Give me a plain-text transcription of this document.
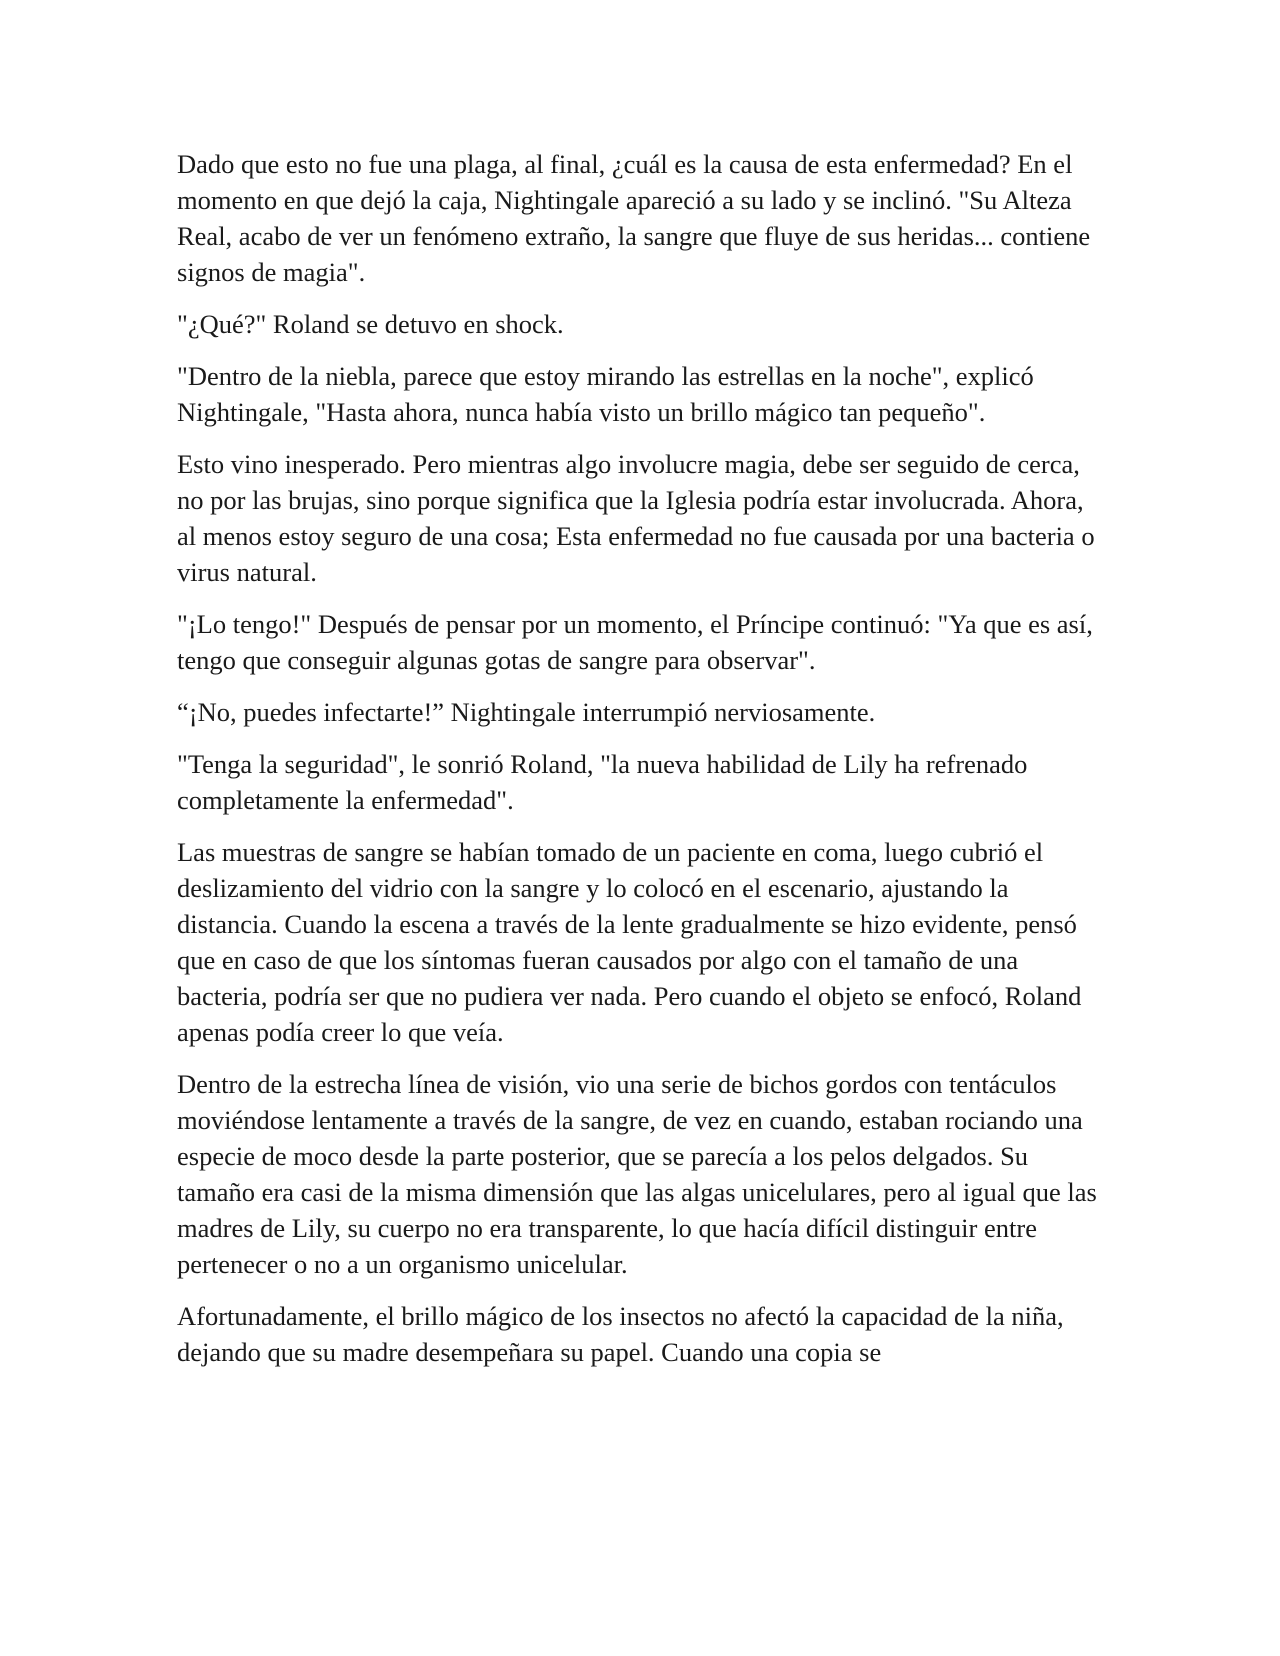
Dado que esto no fue una plaga, al final, ¿cuál es la causa de esta enfermedad? En el momento en que dejó la caja, Nightingale apareció a su lado y se inclinó. "Su Alteza Real, acabo de ver un fenómeno extraño, la sangre que fluye de sus heridas... contiene signos de magia".

"¿Qué?" Roland se detuvo en shock.

"Dentro de la niebla, parece que estoy mirando las estrellas en la noche", explicó Nightingale, "Hasta ahora, nunca había visto un brillo mágico tan pequeño".

Esto vino inesperado. Pero mientras algo involucre magia, debe ser seguido de cerca, no por las brujas, sino porque significa que la Iglesia podría estar involucrada. Ahora, al menos estoy seguro de una cosa; Esta enfermedad no fue causada por una bacteria o virus natural.

"¡Lo tengo!" Después de pensar por un momento, el Príncipe continuó: "Ya que es así, tengo que conseguir algunas gotas de sangre para observar".

“¡No, puedes infectarte!” Nightingale interrumpió nerviosamente.

"Tenga la seguridad", le sonrió Roland, "la nueva habilidad de Lily ha refrenado completamente la enfermedad".

Las muestras de sangre se habían tomado de un paciente en coma, luego cubrió el deslizamiento del vidrio con la sangre y lo colocó en el escenario, ajustando la distancia. Cuando la escena a través de la lente gradualmente se hizo evidente, pensó que en caso de que los síntomas fueran causados por algo con el tamaño de una bacteria, podría ser que no pudiera ver nada. Pero cuando el objeto se enfocó, Roland apenas podía creer lo que veía.

Dentro de la estrecha línea de visión, vio una serie de bichos gordos con tentáculos moviéndose lentamente a través de la sangre, de vez en cuando, estaban rociando una especie de moco desde la parte posterior, que se parecía a los pelos delgados. Su tamaño era casi de la misma dimensión que las algas unicelulares, pero al igual que las madres de Lily, su cuerpo no era transparente, lo que hacía difícil distinguir entre pertenecer o no a un organismo unicelular.

Afortunadamente, el brillo mágico de los insectos no afectó la capacidad de la niña, dejando que su madre desempeñara su papel. Cuando una copia se
